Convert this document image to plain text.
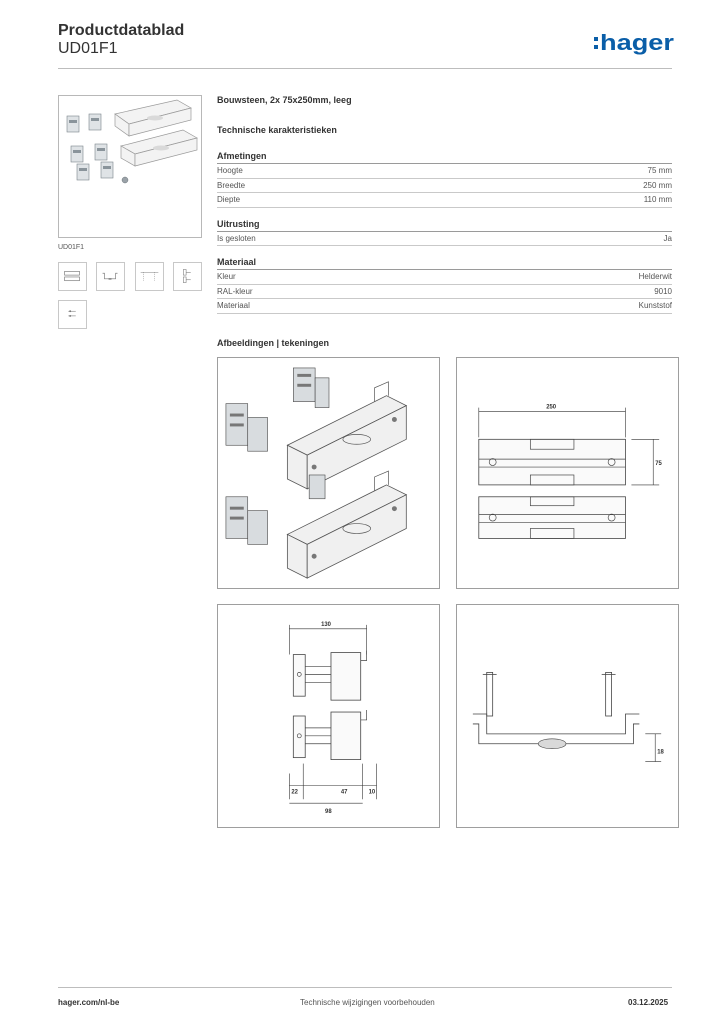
Productdatablad
UD01F1	hager
UD01F1
Bouwsteen, 2x 75x250mm, leeg
Technische karakteristieken
Afmetingen
Hoogte	75 mm
Breedte	250 mm
Diepte	110 mm
Uitrusting
Is gesloten	Ja
Materiaal
Kleur	Helderwit
RAL-kleur	9010
Materiaal	Kunststof
Afbeeldingen | tekeningen
250
75
130
22	47	10
98
18
hager.com/nl-be	Technische wijzigingen voorbehouden	03.12.2025
